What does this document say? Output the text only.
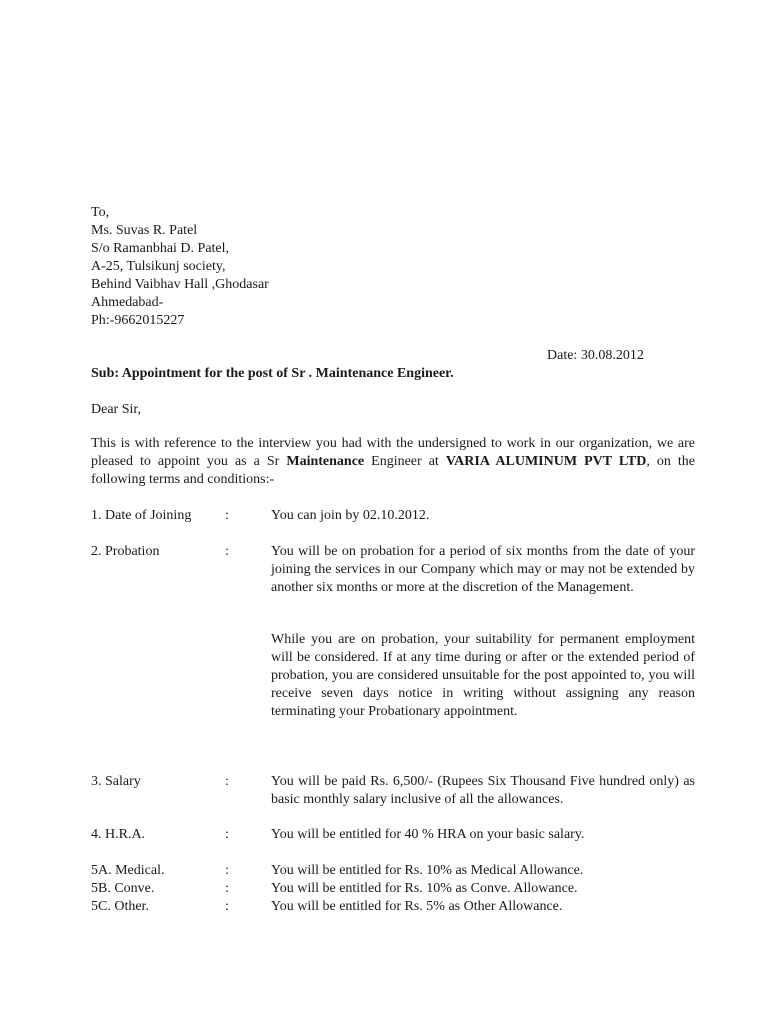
To,
Ms. Suvas R. Patel
S/o Ramanbhai D. Patel,
A-25, Tulsikunj society,
Behind Vaibhav Hall ,Ghodasar
Ahmedabad-
Ph:-9662015227
Date: 30.08.2012
Sub: Appointment for the post of Sr . Maintenance Engineer.
Dear Sir,
This is with reference to the interview you had with the undersigned to work in our organization, we are pleased to appoint you as a Sr Maintenance Engineer at VARIA ALUMINUM PVT LTD, on the following terms and conditions:-
1. Date of Joining :	You can join by 02.10.2012.
2. Probation	:	You will be on probation for a period of six months from the date of your joining the services in our Company which may or may not be extended by another six months or more at the discretion of the Management.
While you are on probation, your suitability for permanent employment will be considered. If at any time during or after or the extended period of probation, you are considered unsuitable for the post appointed to, you will receive seven days notice in writing without assigning any reason terminating your Probationary appointment.
3. Salary	:	You will be paid Rs. 6,500/- (Rupees Six Thousand Five hundred only) as basic monthly salary inclusive of all the allowances.
4. H.R.A.	:	You will be entitled for 40 % HRA on your basic salary.
5A. Medical.	:	You will be entitled for Rs. 10% as Medical Allowance.
5B. Conve.	:	You will be entitled for Rs. 10% as Conve. Allowance.
5C. Other.	:	You will be entitled for Rs. 5% as Other Allowance.
